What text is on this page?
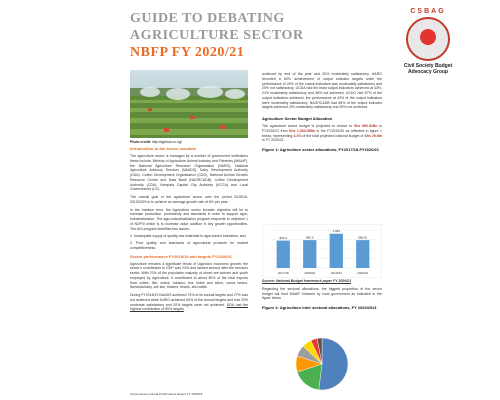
GUIDE TO DEBATING
AGRICULTURE SECTOR
NBFP FY 2020/21
CSBAG
Civil Society Budget Advocacy Group
Photo credit: http://agriloot.co.ug/
Introduction to the sector mandate
The agriculture sector is managed by a number of government institutions these include: Ministry of Agriculture Animal Industry and Fisheries (MAAIF), the National Agriculture Research Organisation (NARO), National Agriculture Advisory Services (NAADS), Dairy Development Authority (DDA), Cotton Development Organisation (CDO), National Animal Genetic Resource Centre and Data Bank (NAGRC&DB), Coffee Development Authority (CDA), Kampala Capital City Authority (KCCA) and Local Governments (LG).
The overall goal of the agriculture sector over the period 2015/16- 2019/2020 is to achieve an average growth rate of 6% per year.
In the medium term, the Agriculture sector broader objective will be to increase production, productivity and standards in order to support agro-industrialization. The agro-industrialization program responds to objective 1 of NDPIII which is to increase value addition in key growth opportunities. The ADI program identifies two issues:
1. Inadequate supply of quality raw materials to agro-based industries; and
2. Poor quality and standards of agricultural products for market competitiveness.
Sector performance FY2018/19 and targets FY2020/21
Agriculture remains a significant thrust of Uganda's economic growth; the sector's contribution to GDP was 23% and ranked second after the services sector. With 70% of the population majority of whom are women and youth employed by Agriculture, it contributed to about 80% of the total exports from coffee, fish, maize, tobacco, tea, hides and skins, cocoa beans, livestock/dairy, are sim, flowers, beans, and cattle.
During FY2018/19 NAADS achieved 73% of its annual targets and 27% was not achieved while NARO achieved 60% of the annual targets and had 20% moderate satisfactory and 20% targets were not achieved. DDA had the highest contribution of 80% targets
1Government Annual Performance Report FY 2018/19
achieved by end of the year and 20% moderately satisfactory. NARO recorded a 60% achievement of output indicator targets while the performance of 20% of the output indicators was moderately satisfactory and 20% not satisfactory. UCDA had the least output indicators achieved at 43%, 21% moderately satisfactory and 36% not achieved. UCDO had 57% of the output indicators achieved, the performance at 43% of the output indicators were moderately satisfactory. NAGRC&DB had 56% of the output indicator targets achieved, 6% moderately satisfactory and 39% not achieved.
Agriculture Sector Budget Allocation
The agriculture sector budget is projected to reduce to Shs 880.81Bn in FY2020/21 from Shs 1,083.05Bn in the FY2019/20 as reflected in figure 1 below, representing 3.2% of the total projected national budget of Shs 29.6tn in FY 2020/21.
Figure 1: Agriculture sector allocations, FY2017/18-FY2020/21
865.3	880.5
1,083
880.81
2017/18	2018/19	2019/20	2020/21
Source: National Budget framework paper FY 2020/21
Regarding the sectoral allocations, the biggest proportion of the sector budget will fund MAAIF followed by local government as indicated in the figure below.
Figure 2: Agriculture inter sectoral allocations, FY 2020/2021
